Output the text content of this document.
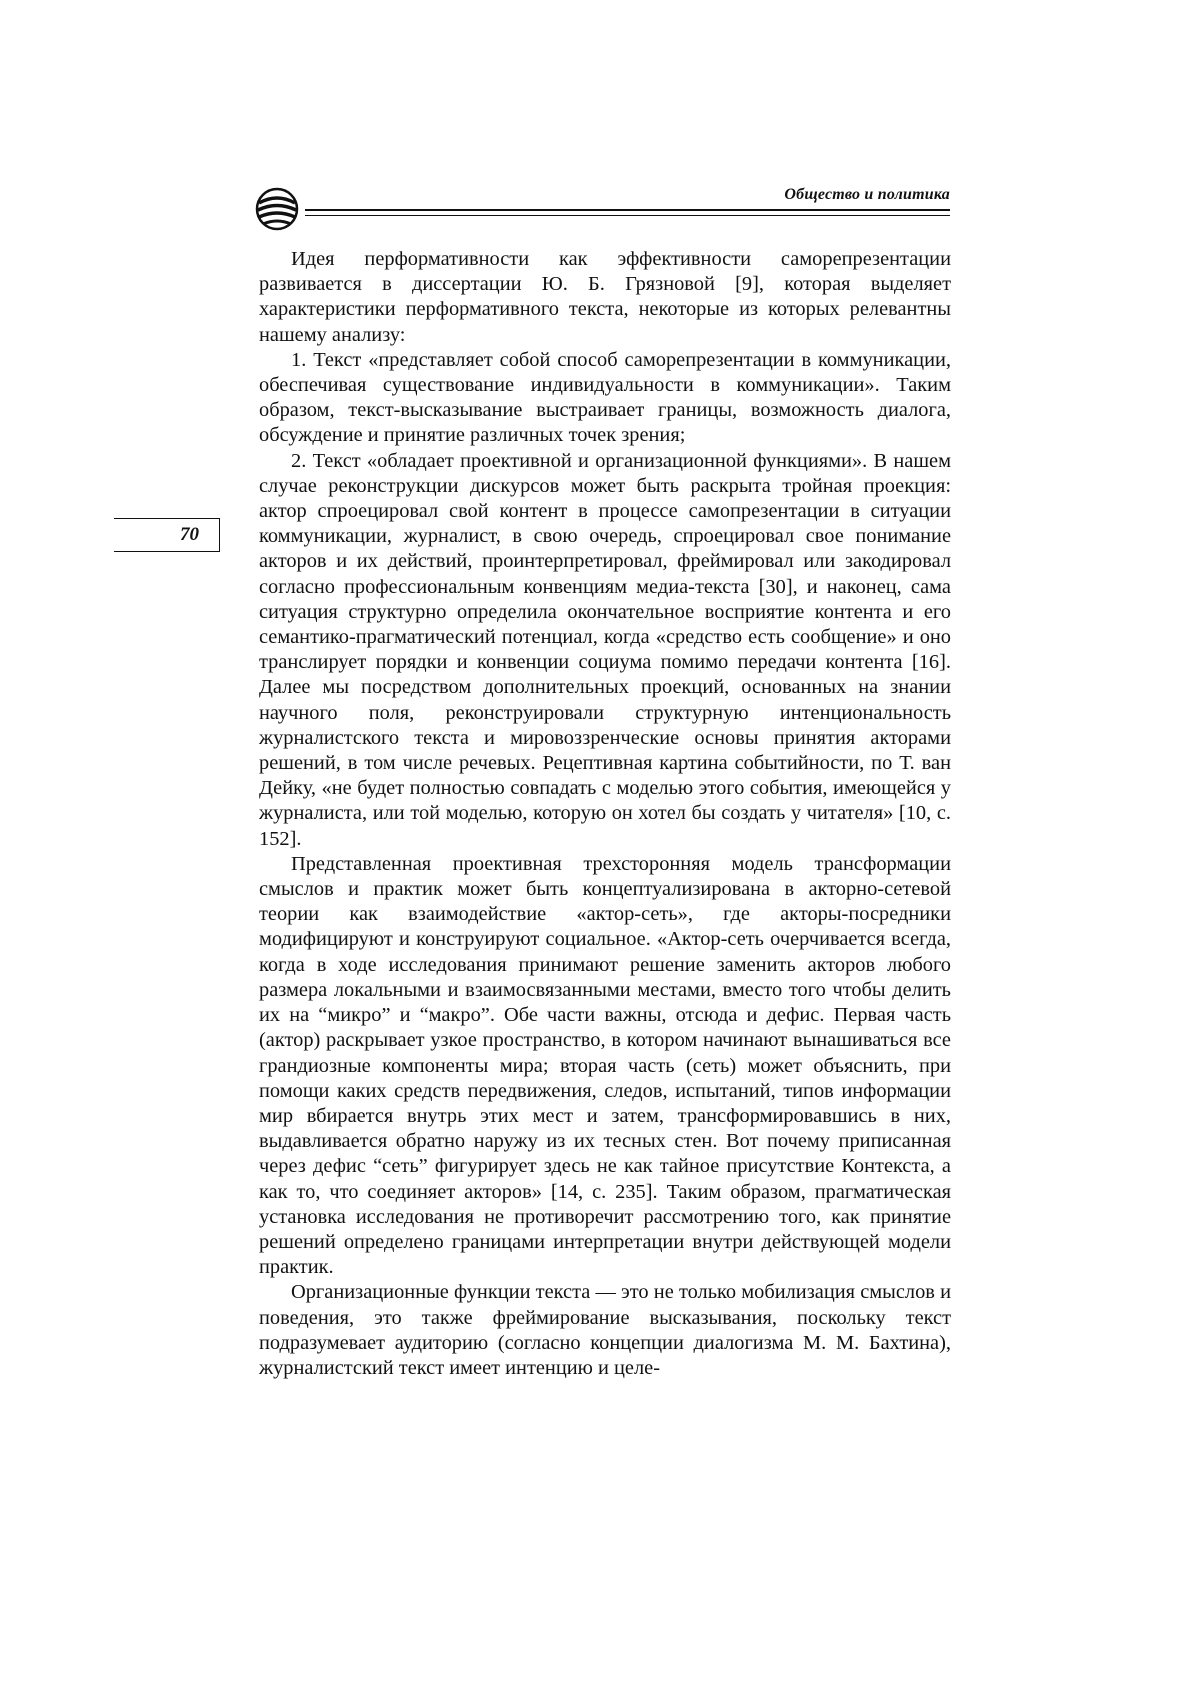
Общество и политика
70

Идея перформативности как эффективности саморепрезентации развивается в диссертации Ю. Б. Грязновой [9], которая выделяет характеристики перформативного текста, некоторые из которых релевантны нашему анализу:

1. Текст «представляет собой способ саморепрезентации в коммуникации, обеспечивая существование индивидуальности в коммуникации». Таким образом, текст-высказывание выстраивает границы, возможность диалога, обсуждение и принятие различных точек зрения;

2. Текст «обладает проективной и организационной функциями». В нашем случае реконструкции дискурсов может быть раскрыта тройная проекция: актор спроецировал свой контент в процессе самопрезентации в ситуации коммуникации, журналист, в свою очередь, спроецировал свое понимание акторов и их действий, проинтерпретировал, фреймировал или закодировал согласно профессиональным конвенциям медиа-текста [30], и наконец, сама ситуация структурно определила окончательное восприятие контента и его семантико-прагматический потенциал, когда «средство есть сообщение» и оно транслирует порядки и конвенции социума помимо передачи контента [16]. Далее мы посредством дополнительных проекций, основанных на знании научного поля, реконструировали структурную интенциональность журналистского текста и мировоззренческие основы принятия акторами решений, в том числе речевых. Рецептивная картина событийности, по Т. ван Дейку, «не будет полностью совпадать с моделью этого события, имеющейся у журналиста, или той моделью, которую он хотел бы создать у читателя» [10, с. 152].

Представленная проективная трехсторонняя модель трансформации смыслов и практик может быть концептуализирована в акторно-сетевой теории как взаимодействие «актор-сеть», где акторы-посредники модифицируют и конструируют социальное. «Актор-сеть очерчивается всегда, когда в ходе исследования принимают решение заменить акторов любого размера локальными и взаимосвязанными местами, вместо того чтобы делить их на “микро” и “макро”. Обе части важны, отсюда и дефис. Первая часть (актор) раскрывает узкое пространство, в котором начинают вынашиваться все грандиозные компоненты мира; вторая часть (сеть) может объяснить, при помощи каких средств передвижения, следов, испытаний, типов информации мир вбирается внутрь этих мест и затем, трансформировавшись в них, выдавливается обратно наружу из их тесных стен. Вот почему приписанная через дефис “сеть” фигурирует здесь не как тайное присутствие Контекста, а как то, что соединяет акторов» [14, с. 235]. Таким образом, прагматическая установка исследования не противоречит рассмотрению того, как принятие решений определено границами интерпретации внутри действующей модели практик.

Организационные функции текста — это не только мобилизация смыслов и поведения, это также фреймирование высказывания, поскольку текст подразумевает аудиторию (согласно концепции диалогизма М. М. Бахтина), журналистский текст имеет интенцию и целе-
